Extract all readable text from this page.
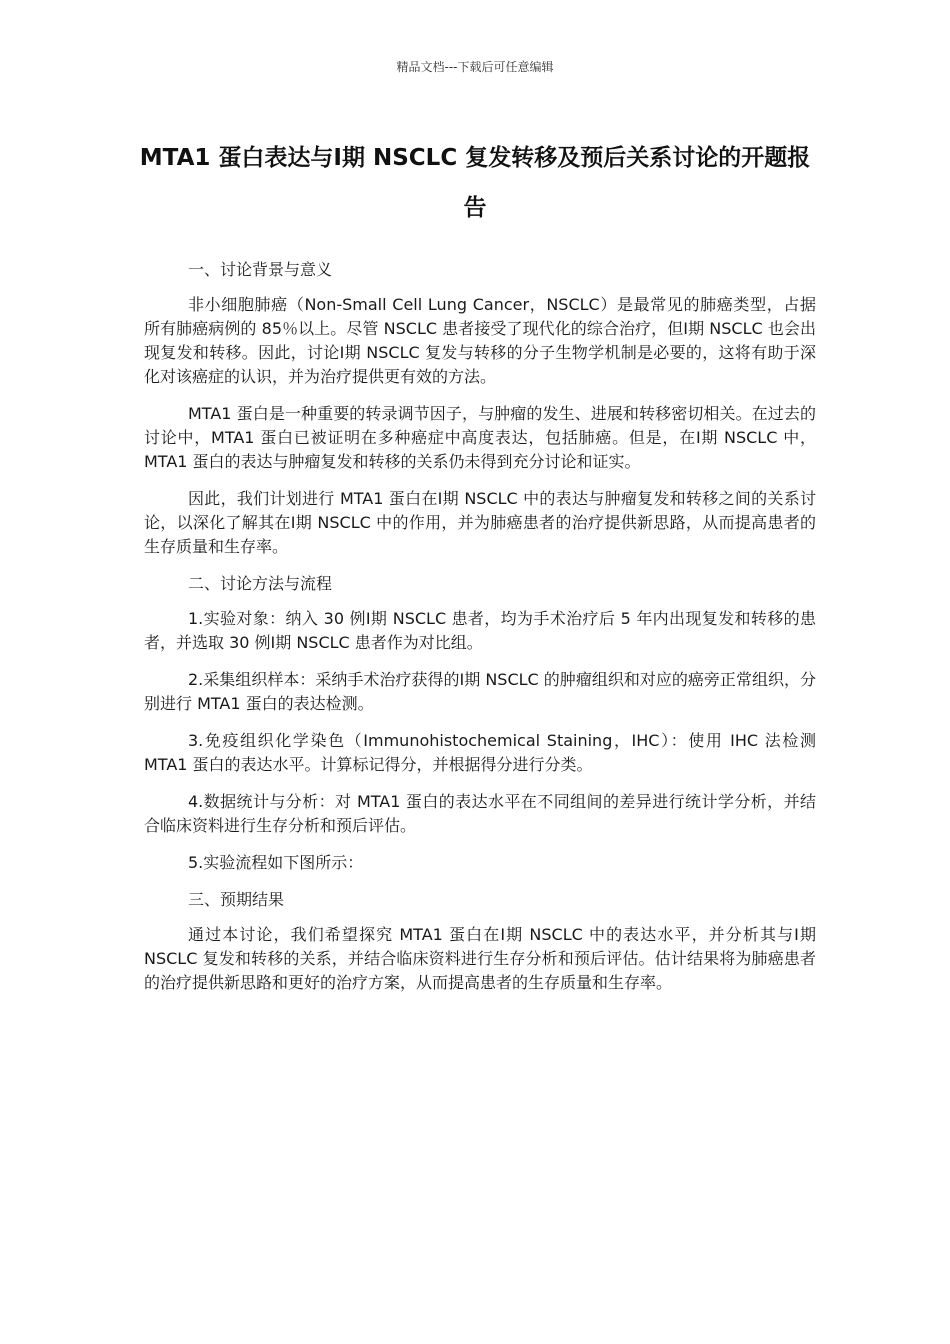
精品文档---下载后可任意编辑
MTA1 蛋白表达与Ⅰ期 NSCLC 复发转移及预后关系讨论的开题报告

一、讨论背景与意义

非小细胞肺癌（Non-Small Cell Lung Cancer，NSCLC）是最常见的肺癌类型，占据所有肺癌病例的 85％以上。尽管 NSCLC 患者接受了现代化的综合治疗，但Ⅰ期 NSCLC 也会出现复发和转移。因此，讨论Ⅰ期 NSCLC 复发与转移的分子生物学机制是必要的，这将有助于深化对该癌症的认识，并为治疗提供更有效的方法。

MTA1 蛋白是一种重要的转录调节因子，与肿瘤的发生、进展和转移密切相关。在过去的讨论中，MTA1 蛋白已被证明在多种癌症中高度表达，包括肺癌。但是，在Ⅰ期 NSCLC 中，MTA1 蛋白的表达与肿瘤复发和转移的关系仍未得到充分讨论和证实。

因此，我们计划进行 MTA1 蛋白在Ⅰ期 NSCLC 中的表达与肿瘤复发和转移之间的关系讨论，以深化了解其在Ⅰ期 NSCLC 中的作用，并为肺癌患者的治疗提供新思路，从而提高患者的生存质量和生存率。

二、讨论方法与流程

1.实验对象：纳入 30 例Ⅰ期 NSCLC 患者，均为手术治疗后 5 年内出现复发和转移的患者，并选取 30 例Ⅰ期 NSCLC 患者作为对比组。

2.采集组织样本：采纳手术治疗获得的Ⅰ期 NSCLC 的肿瘤组织和对应的癌旁正常组织，分别进行 MTA1 蛋白的表达检测。

3.免疫组织化学染色（Immunohistochemical Staining，IHC）：使用 IHC 法检测 MTA1 蛋白的表达水平。计算标记得分，并根据得分进行分类。

4.数据统计与分析：对 MTA1 蛋白的表达水平在不同组间的差异进行统计学分析，并结合临床资料进行生存分析和预后评估。

5.实验流程如下图所示：

三、预期结果

通过本讨论，我们希望探究 MTA1 蛋白在Ⅰ期 NSCLC 中的表达水平，并分析其与Ⅰ期 NSCLC 复发和转移的关系，并结合临床资料进行生存分析和预后评估。估计结果将为肺癌患者的治疗提供新思路和更好的治疗方案，从而提高患者的生存质量和生存率。
